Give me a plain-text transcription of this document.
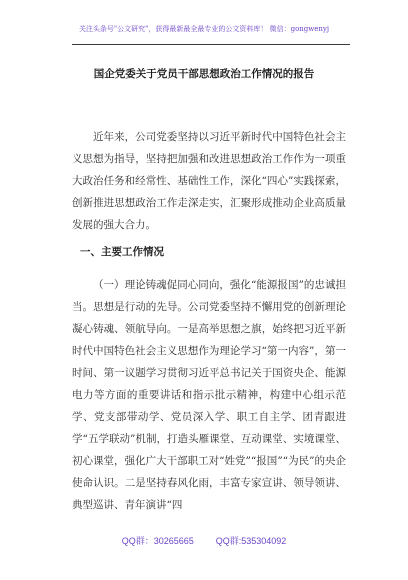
关注头条号"公文研究"，获得最新最全最专业的公文资料库！ 微信：gongwenyj
国企党委关于党员干部思想政治工作情况的报告

近年来，公司党委坚持以习近平新时代中国特色社会主义思想为指导，坚持把加强和改进思想政治工作作为一项重大政治任务和经常性、基础性工作，深化“四心”实践探索，创新推进思想政治工作走深走实，汇聚形成推动企业高质量发展的强大合力。

一、主要工作情况

（一）理论铸魂促同心同向，强化“能源报国”的忠诚担当。思想是行动的先导。公司党委坚持不懈用党的创新理论凝心铸魂、领航导向。一是高举思想之旗，始终把习近平新时代中国特色社会主义思想作为理论学习“第一内容”，第一时间、第一议题学习贯彻习近平总书记关于国资央企、能源电力等方面的重要讲话和指示批示精神，构建中心组示范学、党支部带动学、党员深入学、职工自主学、团青跟进学“五学联动”机制，打造头雁课堂、互动课堂、实境课堂、初心课堂，强化广大干部职工对“姓党”“报国”“为民”的央企使命认识。二是坚持春风化雨，丰富专家宣讲、领导领讲、典型巡讲、青年演讲“四

QQ群：30265665 QQ群:535304092
